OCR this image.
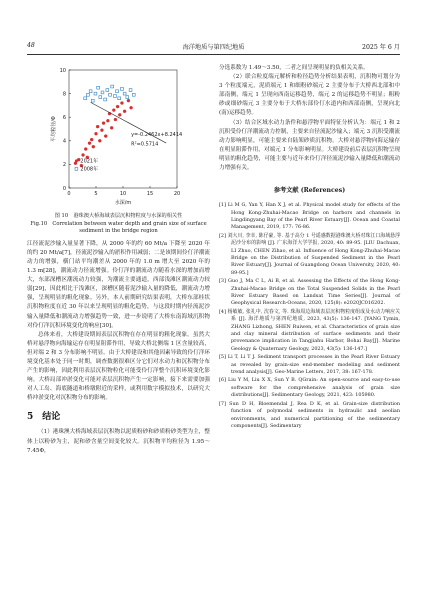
48	海洋地质与第四纪地质	2025 年 6 月
0	5	10	15	20
0
2
4
6
8
10
水深/m
平均粒径/Φ	y=-0.2462x+8.2414
R²=0.5714
2021年
2008年

图 10　港珠澳大桥海域表层沉积物粒度与水深的相关性

Fig.10　Correlation between water depth and grain size of surface sediment in the bridge region

江径流泥沙输入量显著下降，从 2000 年的约 60 Mt/a 下降至 2020 年的约 20 Mt/a[7]，径流泥沙输入的淤积作用减弱；二是该期间伶仃洋潮流动力的增强，横门站平均潮差从 2000 年的 1.0 m 增大至 2020 年的 1.3 m[28]，潮流动力径流增强。伶仃洋的潮流动力随着水深的增加而增大，东部深槽区潮流动力较强，为潮流主要通道，西部浅滩区潮流动力较弱[29]，因此相比于浅滩区，深槽区随着泥沙输入量的降低，潮流动力增强，呈现明显的粗化现象。另外，本人前期研究结果表明，大桥东部桂状沉积物粒度在近 30 年以来呈现明显的粗化趋势，与这段时期内径流泥沙输入量降低和潮流动力增强趋势一致，进一步说明了大桥东南海域沉积物对伶仃洋沉积环境变化的响应[30]。

总体来看，大桥建设期间表层沉积物在存在明显的粗化现象。虽然大桥对悬浮物向海输运存在明显阻滞作用，导致大桥北侧端 1 区含量较高，但对端 2 和 3 分布影响不明显。由于大桥建设和其他因素导致的伶仃洋环境变化基本处于同一时期，调查数据很难区分它们对水动力和沉积物分布产生的影响，因此利用表层沉积物粒化可能受伶仃洋整个沉积环境变化影响。大桥局部冲淤变化可能对表层沉积物产生一定影响，接下来需要加强对人工岛、海底隧道和桥墩附近的采样，或利用数字模拟技术，以研究大桥冲淤变化对沉积物分布的影响。

5　结论

（1）港珠澳大桥海域表层沉积物以泥质粉砂和砂质粉砂类型为主，整体上以粉砂为主，泥和砂含量空间变化较大。沉积物平均粒径为 1.95～7.45Φ，

分选系数为 1.49～3.50，二者之间呈现明显的负相关关系。

（2）联合粒度端元解析和粒径趋势分析结果表明，沉积物可划分为 3 个粒度端元，泥质端元 1 和细粉砂端元 2 主要分布于大桥西北部和中部南侧，端元 1 呈现向西南运移趋势，端元 2 的运移趋势不明显；粗粉砂或细砂端元 3 主要分布于大桥东部伶仃水道内和西部南侧，呈现向北(南)运移趋势。

（3）结合区域水动力条件和悬浮物平面特征分析认为：端元 1 和 2 沉积受伶仃洋潮流动力控制，主要来自径流泥沙输入；端元 3 沉积受潮流动力影响明显，可能主要来自陆架砂质沉积物。大桥对悬浮物向海运输存在明显阻滞作用，对端元 1 分布影响明显。大桥建设前后表层沉积物呈现明显的粗化趋势，可能主要与近年来伶仃洋径流泥沙输入量降低和潮流动力增强有关。

参考文献 (References)

[1] Li M G, Yan Y, Han X J, et al. Physical model study for effects of the Hong Kong-Zhuhai-Macao Bridge on harbors and channels in Lingdingyang Bay of the Pearl River Estuary[J]. Ocean and Coastal Management, 2019, 177: 76-86.

[2] 刘大川, 李幸, 陈仔豪, 等. 基于高分 1 号遥感数据港珠澳大桥对珠江口海域悬浮泥沙分布的影响 [J]. 广东海洋大学学报, 2020, 40: 89-95. [LIU Dachuan, LI Zhuo, CHEN Zihao, et al. Influence of Hong Kong-Zhuhai-Macao Bridge on the Distribution of Suspended Sediment in the Pearl River Estuary[J]. Journal of Guangdong Ocean University, 2020, 40: 89-95.]

[3] Guo J, Ma C L, Ai B, et al. Assessing the Effects of the Hong Kong-Zhuhai-Macao Bridge on the Total Suspended Solids in the Pearl River Estuary Based on Landsat Time Series[J]. Journal of Geophysical Research-Oceans, 2020, 125(8): e2020JC016202.

[4] 杨敏敏, 张礼中, 沈春文, 等. 珠海周边海域表层沉积物粒度组成及水动力响应关系 [J]. 海洋地质与第四纪地质, 2023, 43(5): 136-147. [YANG Tymin, ZHANG Lizhong, SHEN Ruiwen, et al. Characteristics of grain size and clay mineral distribution of surface sediments and their provenance implication in Tangjiahu Harbor, Bohai Bay[J]. Marine Geology & Quaternary Geology, 2023, 43(5): 136-147.]

[5] Li T, Li T J. Sediment transport processes in the Pearl River Estuary as revealed by grain-size end-member modeling and sediment trend analysis[J]. Geo-Marine Letters, 2017, 38: 167-178.

[6] Liu Y M, Liu X X, Sun Y B. QGrain: An open-source and easy-to-use software for the comprehensive analysis of grain size distributions[J]. Sedimentary Geology, 2021, 423: 105980.

[7] Sun D H, Bloemendal J, Rea D K, et al. Grain-size distribution function of polymodal sediments in hydraulic and aeolian environments, and numerical partitioning of the sedimentary components[J]. Sedimentary
